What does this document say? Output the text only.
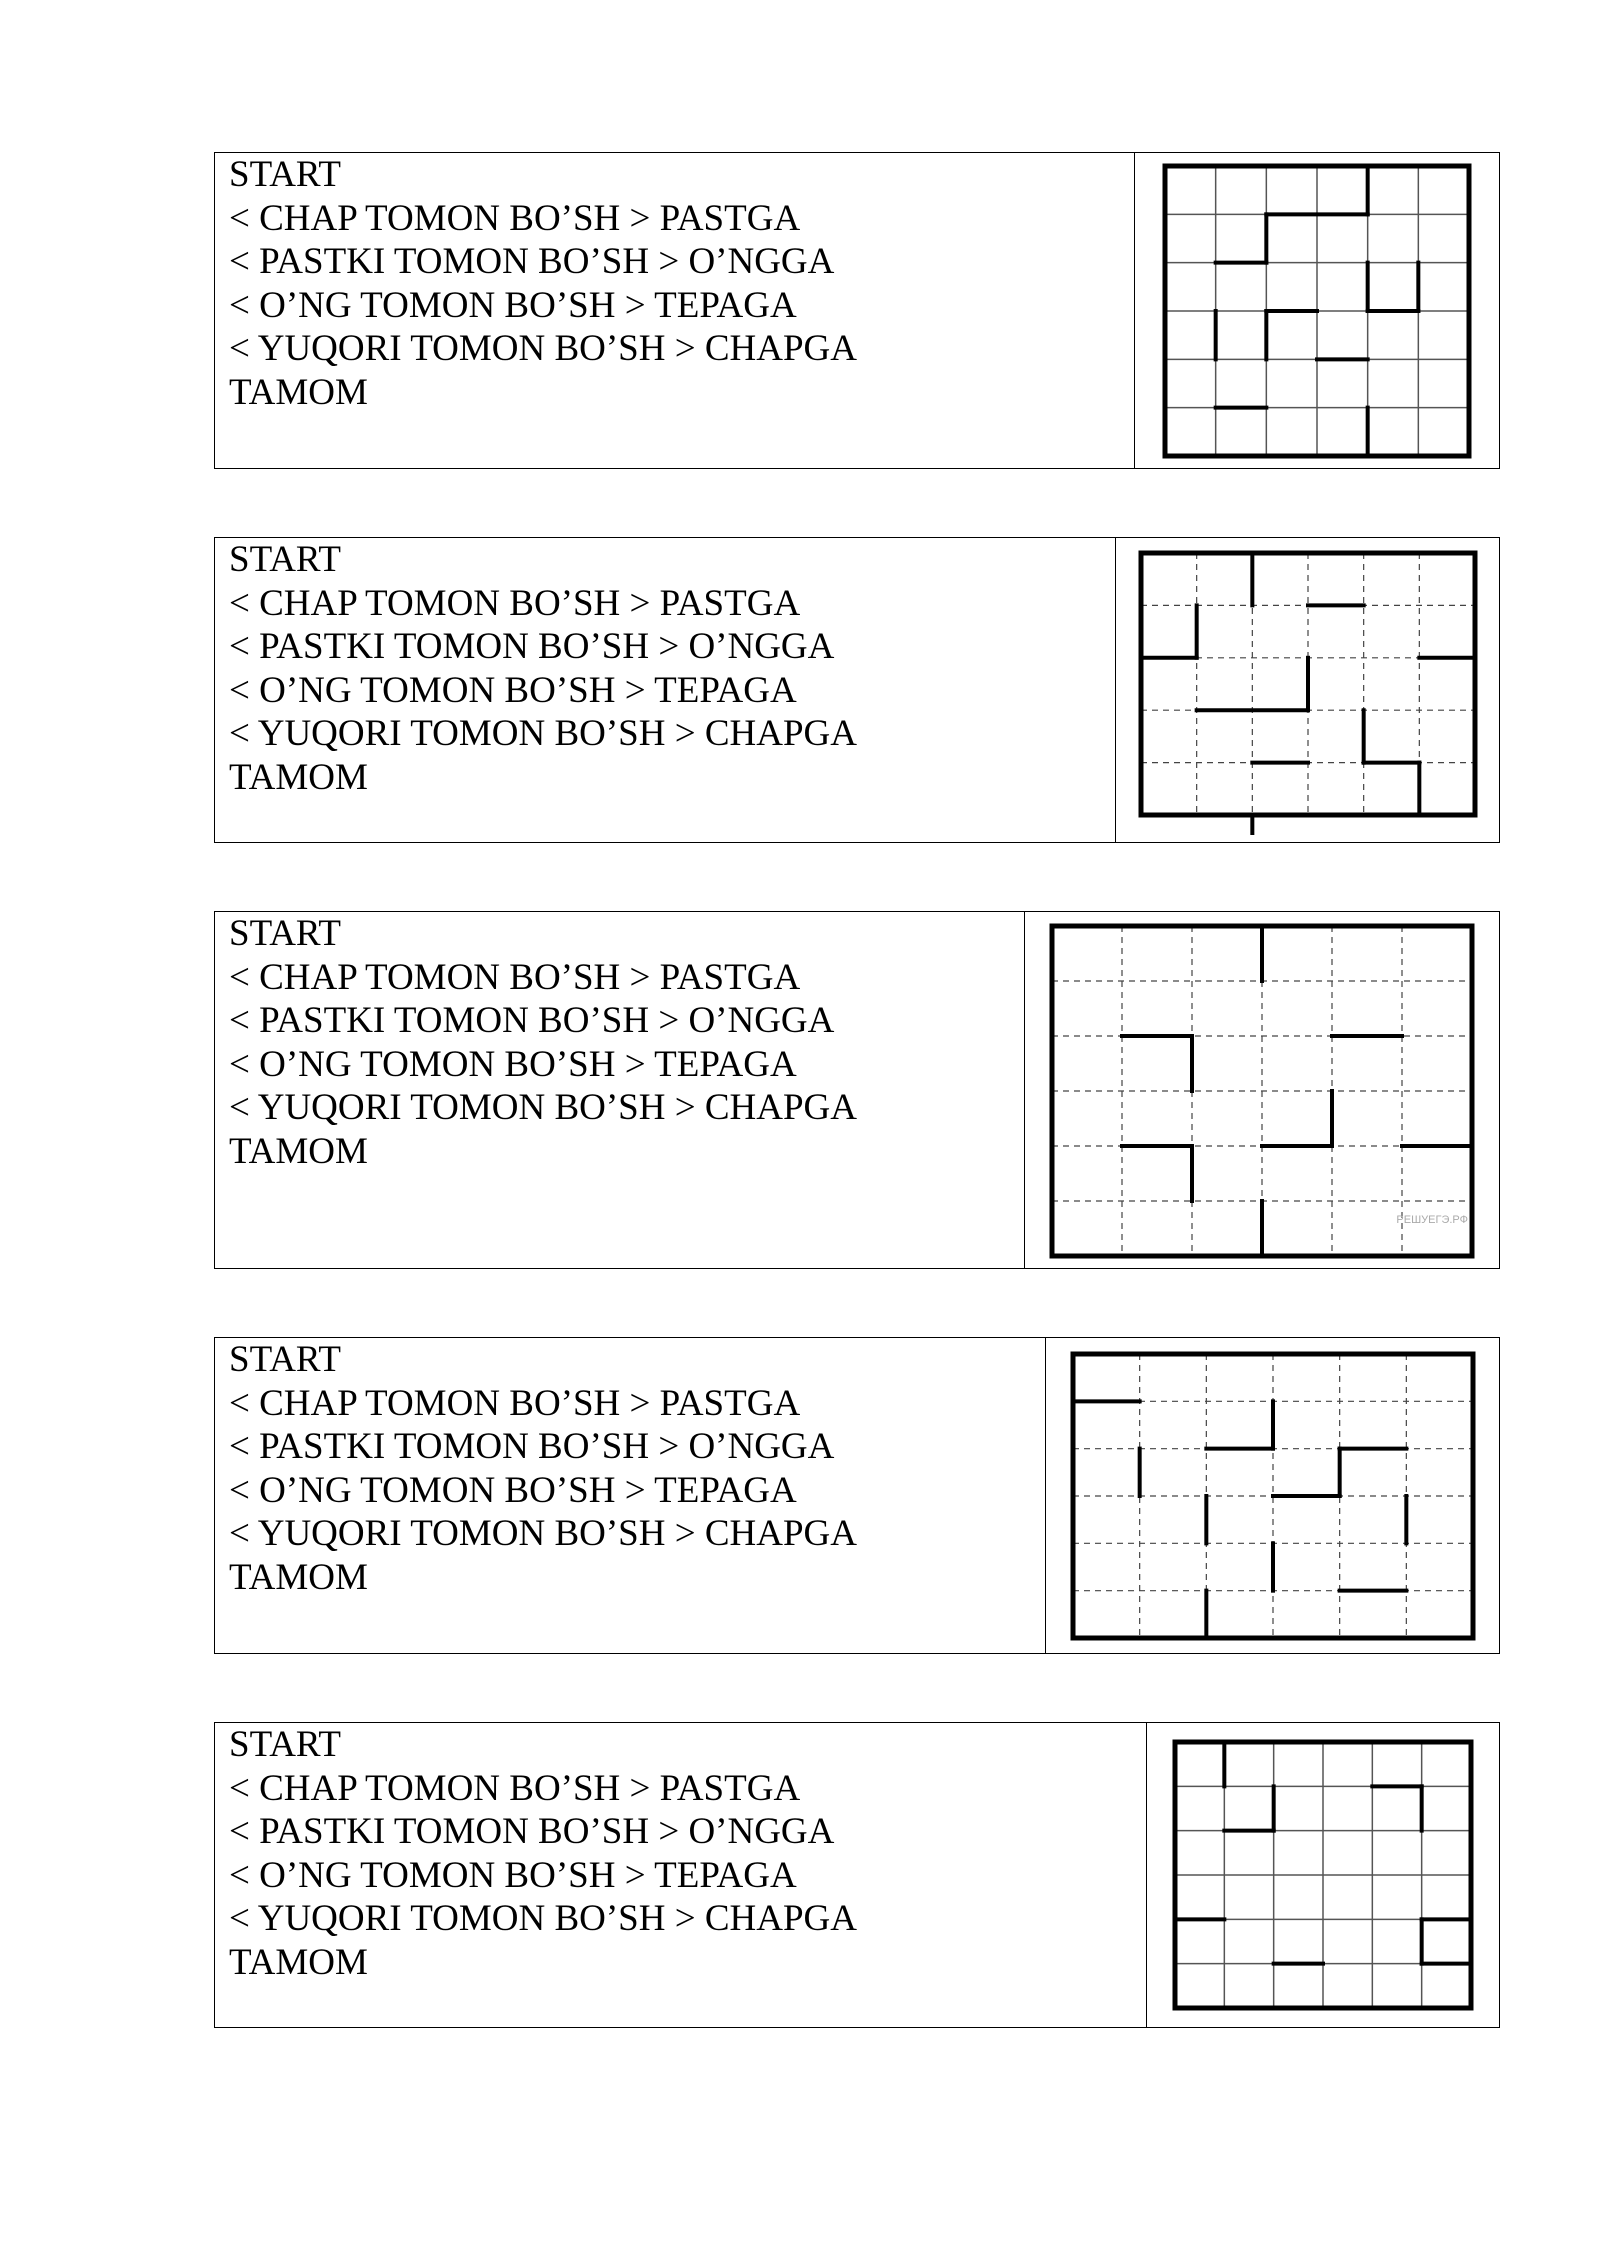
START
< CHAP TOMON BO’SH > PASTGA
< PASTKI TOMON BO’SH > O’NGGA
< O’NG TOMON BO’SH > TEPAGA
< YUQORI TOMON BO’SH > CHAPGA
TAMOM
START
< CHAP TOMON BO’SH > PASTGA
< PASTKI TOMON BO’SH > O’NGGA
< O’NG TOMON BO’SH > TEPAGA
< YUQORI TOMON BO’SH > CHAPGA
TAMOM
START
< CHAP TOMON BO’SH > PASTGA
< PASTKI TOMON BO’SH > O’NGGA
< O’NG TOMON BO’SH > TEPAGA
< YUQORI TOMON BO’SH > CHAPGA
TAMOM
РЕШУЕГЭ.РФ
START
< CHAP TOMON BO’SH > PASTGA
< PASTKI TOMON BO’SH > O’NGGA
< O’NG TOMON BO’SH > TEPAGA
< YUQORI TOMON BO’SH > CHAPGA
TAMOM
START
< CHAP TOMON BO’SH > PASTGA
< PASTKI TOMON BO’SH > O’NGGA
< O’NG TOMON BO’SH > TEPAGA
< YUQORI TOMON BO’SH > CHAPGA
TAMOM
